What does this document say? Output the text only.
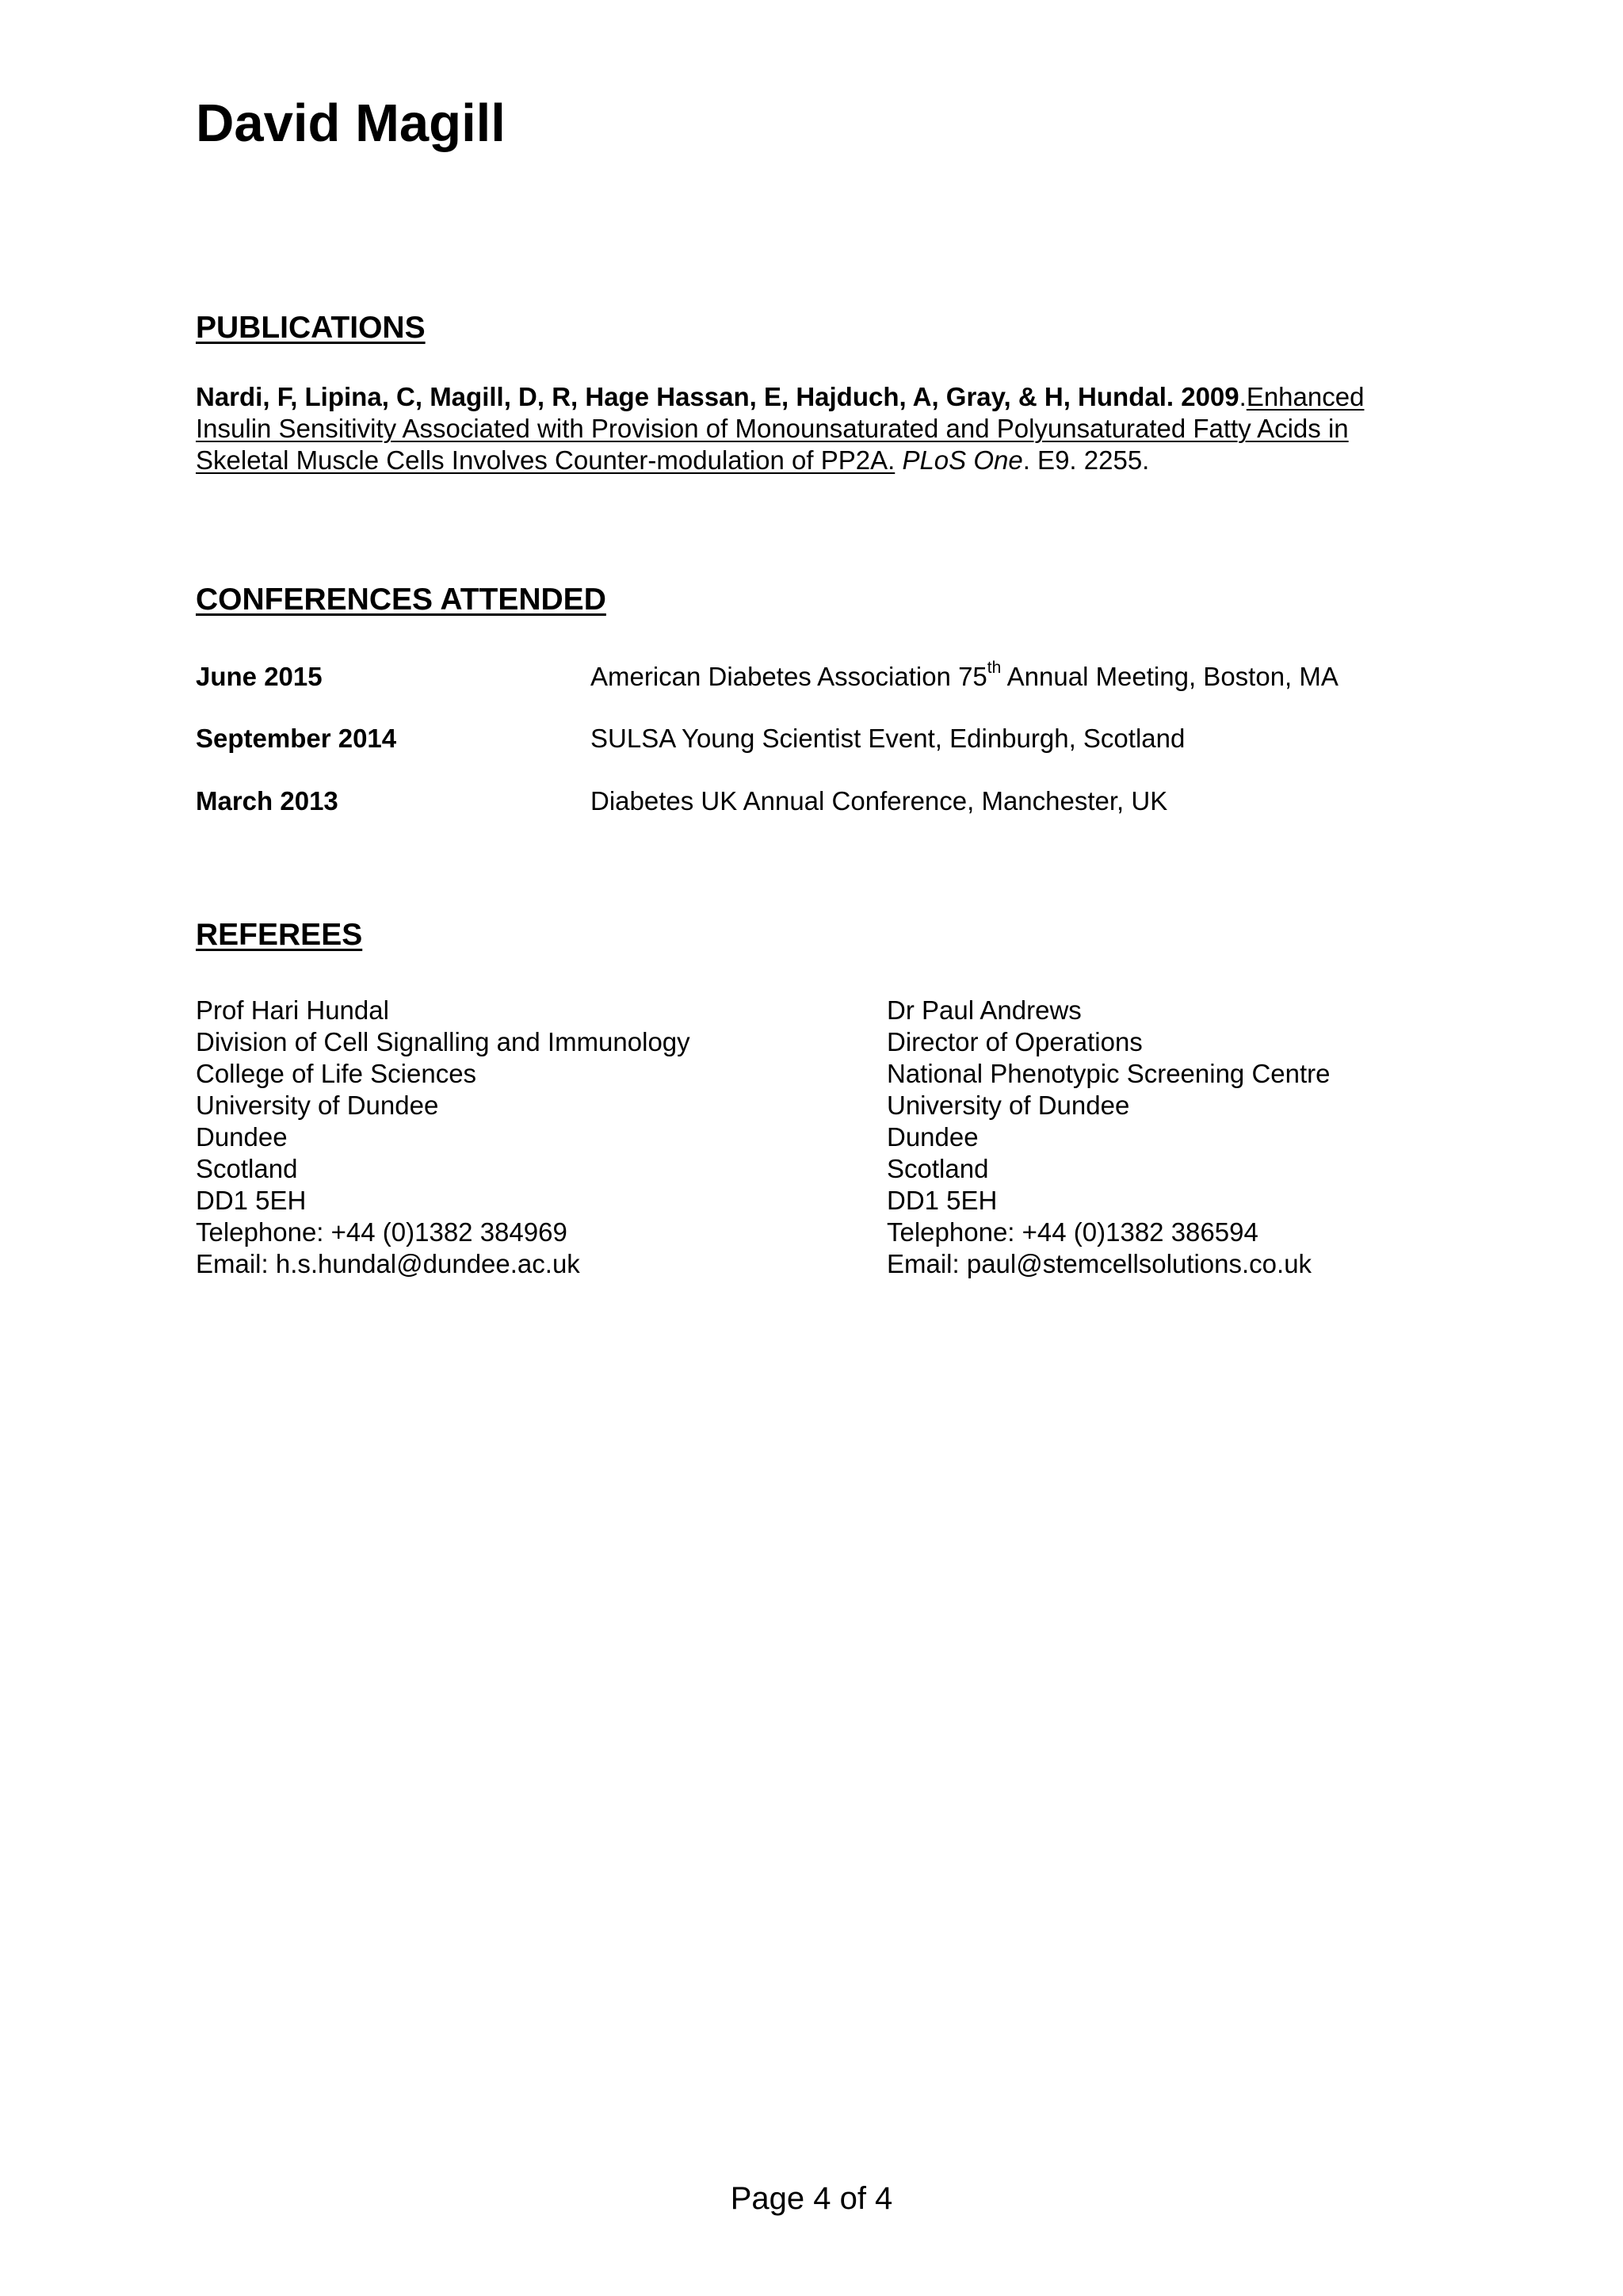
David Magill
PUBLICATIONS
Nardi, F, Lipina, C, Magill, D, R, Hage Hassan, E, Hajduch, A, Gray, & H, Hundal. 2009.Enhanced Insulin Sensitivity Associated with Provision of Monounsaturated and Polyunsaturated Fatty Acids in Skeletal Muscle Cells Involves Counter-modulation of PP2A. PLoS One. E9. 2255.
CONFERENCES ATTENDED
June 2015	American Diabetes Association 75th Annual Meeting, Boston, MA
September 2014	SULSA Young Scientist Event, Edinburgh, Scotland
March 2013	Diabetes UK Annual Conference, Manchester, UK
REFEREES
Prof Hari Hundal
Division of Cell Signalling and Immunology
College of Life Sciences
University of Dundee
Dundee
Scotland
DD1 5EH
Telephone: +44 (0)1382 384969
Email: h.s.hundal@dundee.ac.uk
Dr Paul Andrews
Director of Operations
National Phenotypic Screening Centre
University of Dundee
Dundee
Scotland
DD1 5EH
Telephone: +44 (0)1382 386594
Email: paul@stemcellsolutions.co.uk
Page 4 of 4
